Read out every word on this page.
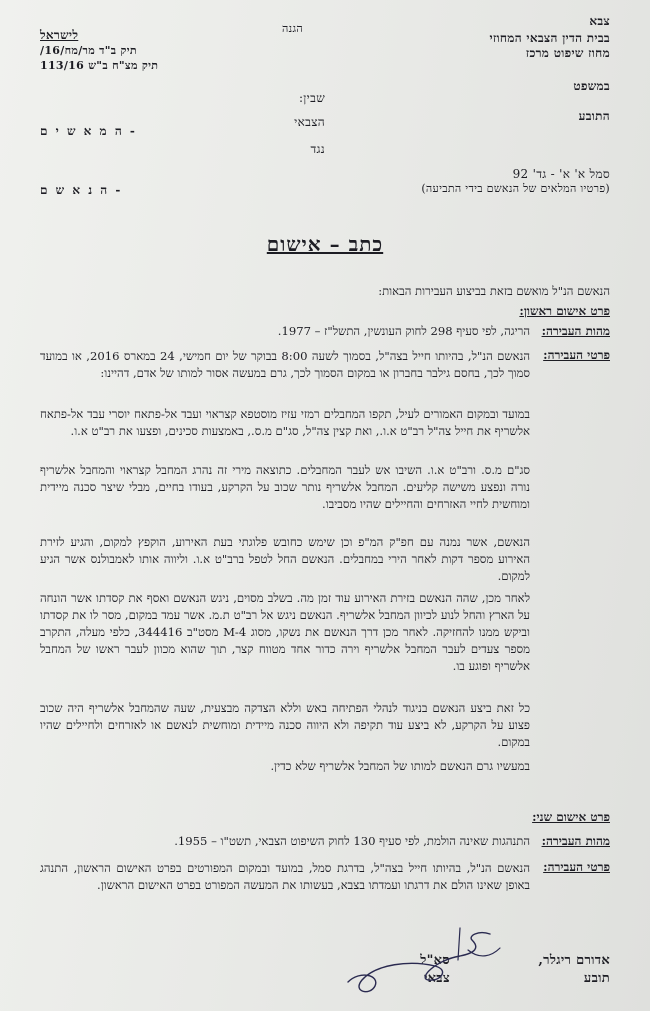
צבא
הגנה
בבית הדין הצבאי המחוזי
מחוז שיפוט מרכז
לישראל
תיק ב"ד מר/מח/16/
תיק מצ"ח ב"ש 113/16
במשפט
שבין:
התובע
הצבאי
- ה מ א ש י ם
נגד
סמל א' א' - גד' 92
(פרטיו המלאים של הנאשם בידי התביעה)
- ה נ א ש ם
כתב – אישום
הנאשם הנ"ל מואשם בזאת בביצוע העבירות הבאות:
פרט אישום ראשון:
מהות העבירה:
הריגה, לפי סעיף 298 לחוק העונשין, התשל"ז – 1977.
פרטי העבירה:
הנאשם הנ"ל, בהיותו חייל בצה"ל, בסמוך לשעה 8:00 בבוקר של יום חמישי, 24 במארס 2016, או במועד סמוך לכך, בחסם גילבר בחברון או במקום הסמוך לכך, גרם במעשה אסור למותו של אדם, דהיינו:
במועד ובמקום האמורים לעיל, תקפו המחבלים רמזי עזיז מוסטפא קצראוי ועבד אל-פתאח יוסרי עבד אל-פתאח אלשריף את חייל צה"ל רב"ט א.ו., ואת קצין צה"ל, סג"ם מ.ס., באמצעות סכינים, ופצעו את רב"ט א.ו.
סג"ם מ.ס. ורב"ט א.ו. השיבו אש לעבר המחבלים. כתוצאה מירי זה נהרג המחבל קצראוי והמחבל אלשריף נורה ונפצע משישה קליעים. המחבל אלשריף נותר שכוב על הקרקע, בעודו בחיים, מבלי שיצר סכנה מיידית ומוחשית לחיי האזרחים והחיילים שהיו מסביבו.
הנאשם, אשר נמנה עם חפ"ק המ"פ וכן שימש כחובש פלוגתי בעת האירוע, הוקפץ למקום, והגיע לזירת האירוע מספר דקות לאחר הירי במחבלים. הנאשם החל לטפל ברב"ט א.ו. וליווה אותו לאמבולנס אשר הגיע למקום.
לאחר מכן, שהה הנאשם בזירת האירוע עוד זמן מה. בשלב מסוים, ניגש הנאשם ואסף את קסדתו אשר הונחה על הארץ והחל לנוע לכיוון המחבל אלשריף. הנאשם ניגש אל רב"ט ת.מ. אשר עמד במקום, מסר לו את קסדתו וביקש ממנו להחזיקה. לאחר מכן דרך הנאשם את נשקו, מסוג M-4 מסט"ב 344416, כלפי מעלה, התקרב מספר צעדים לעבר המחבל אלשריף וירה כדור אחד מטווח קצר, תוך שהוא מכוון לעבר ראשו של המחבל אלשריף ופוגע בו.
כל זאת ביצע הנאשם בניגוד לנהלי הפתיחה באש וללא הצדקה מבצעית, שעה שהמחבל אלשריף היה שכוב פצוע על הקרקע, לא ביצע עוד תקיפה ולא היווה סכנה מיידית ומוחשית לנאשם או לאזרחים ולחיילים שהיו במקום.
במעשיו גרם הנאשם למותו של המחבל אלשריף שלא כדין.
פרט אישום שני:
מהות העבירה:
התנהגות שאינה הולמת, לפי סעיף 130 לחוק השיפוט הצבאי, תשט"ו – 1955.
פרטי העבירה:
הנאשם הנ"ל, בהיותו חייל בצה"ל, בדרגת סמל, במועד ובמקום המפורטים בפרט האישום הראשון, התנהג באופן שאינו הולם את דרגתו ועמדתו בצבא, בעשותו את המעשה המפורט בפרט האישום הראשון.
אדורם ריגלר,
תובע
סא"ל
צבאי
